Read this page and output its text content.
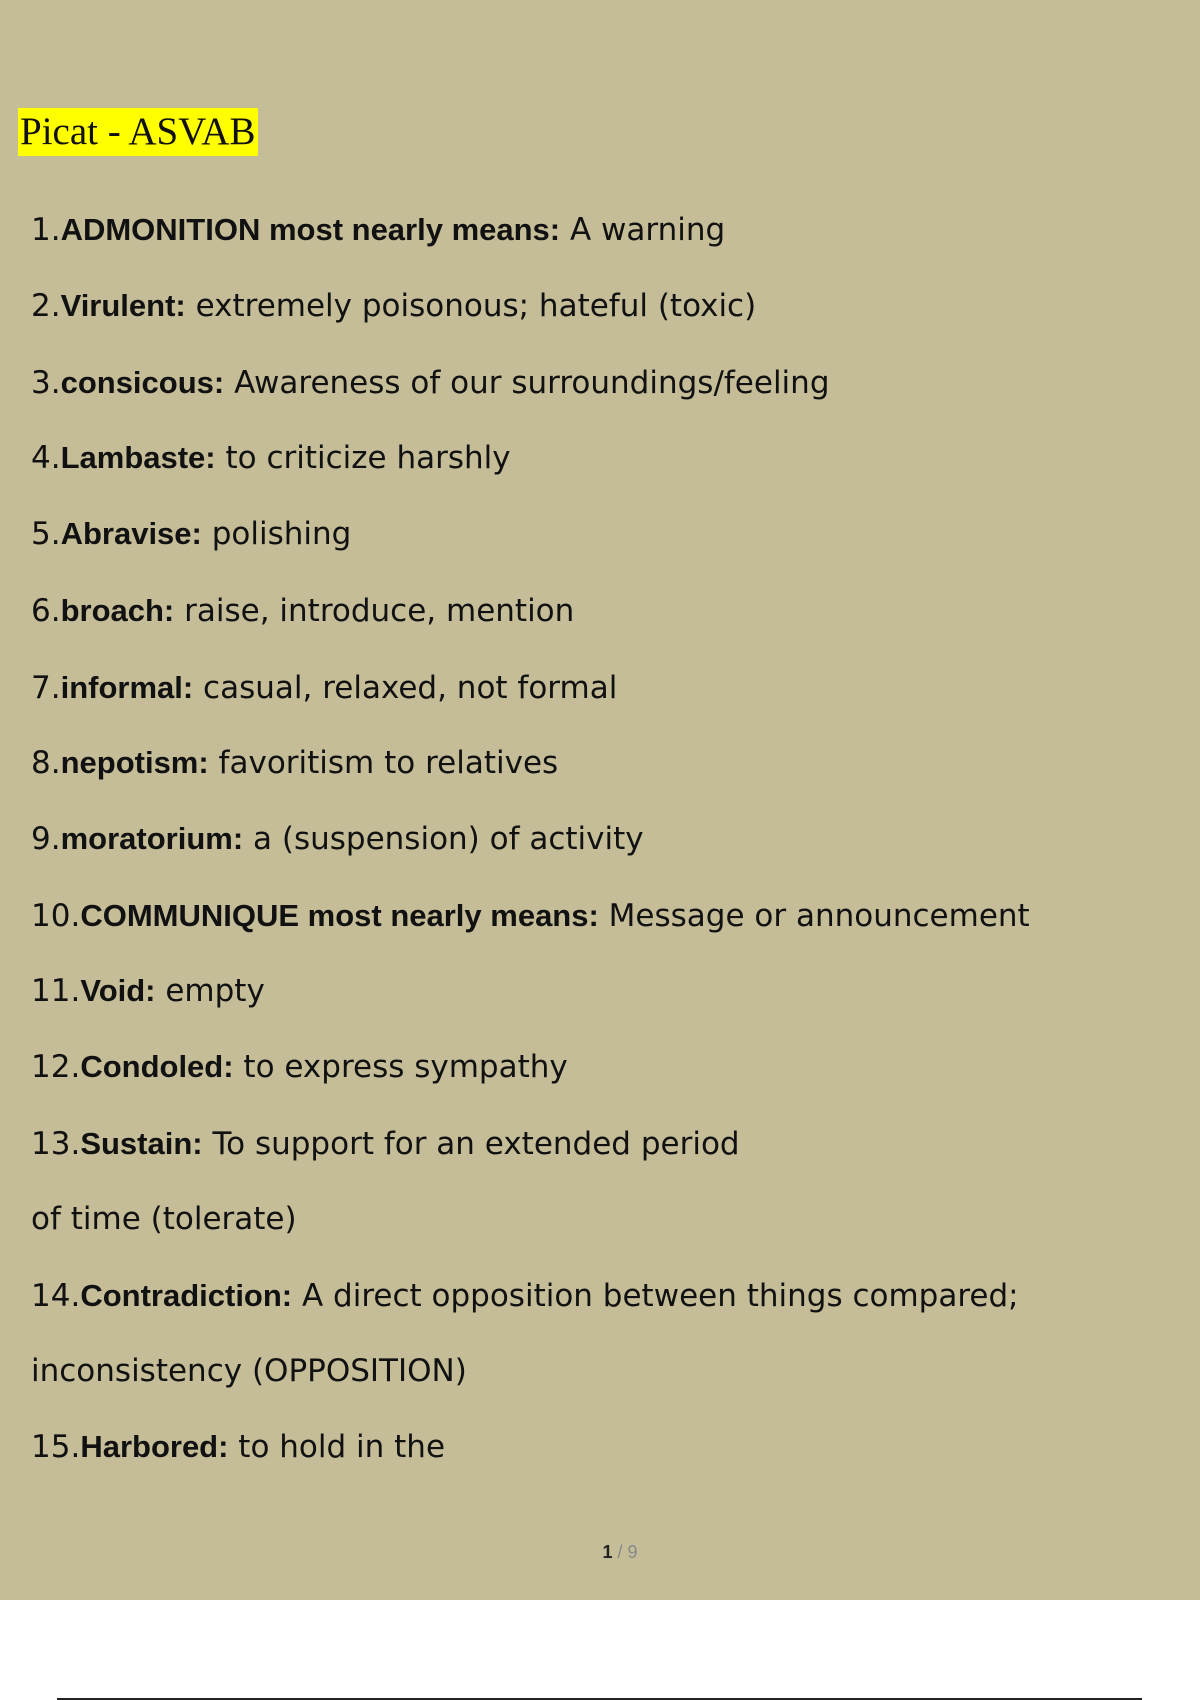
Picat - ASVAB
1.ADMONITION most nearly means: A warning
2.Virulent: extremely poisonous; hateful (toxic)
3.consicous: Awareness of our surroundings/feeling
4.Lambaste: to criticize harshly
5.Abravise: polishing
6.broach: raise, introduce, mention
7.informal: casual, relaxed, not formal
8.nepotism: favoritism to relatives
9.moratorium: a (suspension) of activity
10.COMMUNIQUE most nearly means: Message or announcement
11.Void: empty
12.Condoled: to express sympathy
13.Sustain: To support for an extended period
of time (tolerate)
14.Contradiction: A direct opposition between things compared;
inconsistency (OPPOSITION)
15.Harbored: to hold in the
1 / 9
